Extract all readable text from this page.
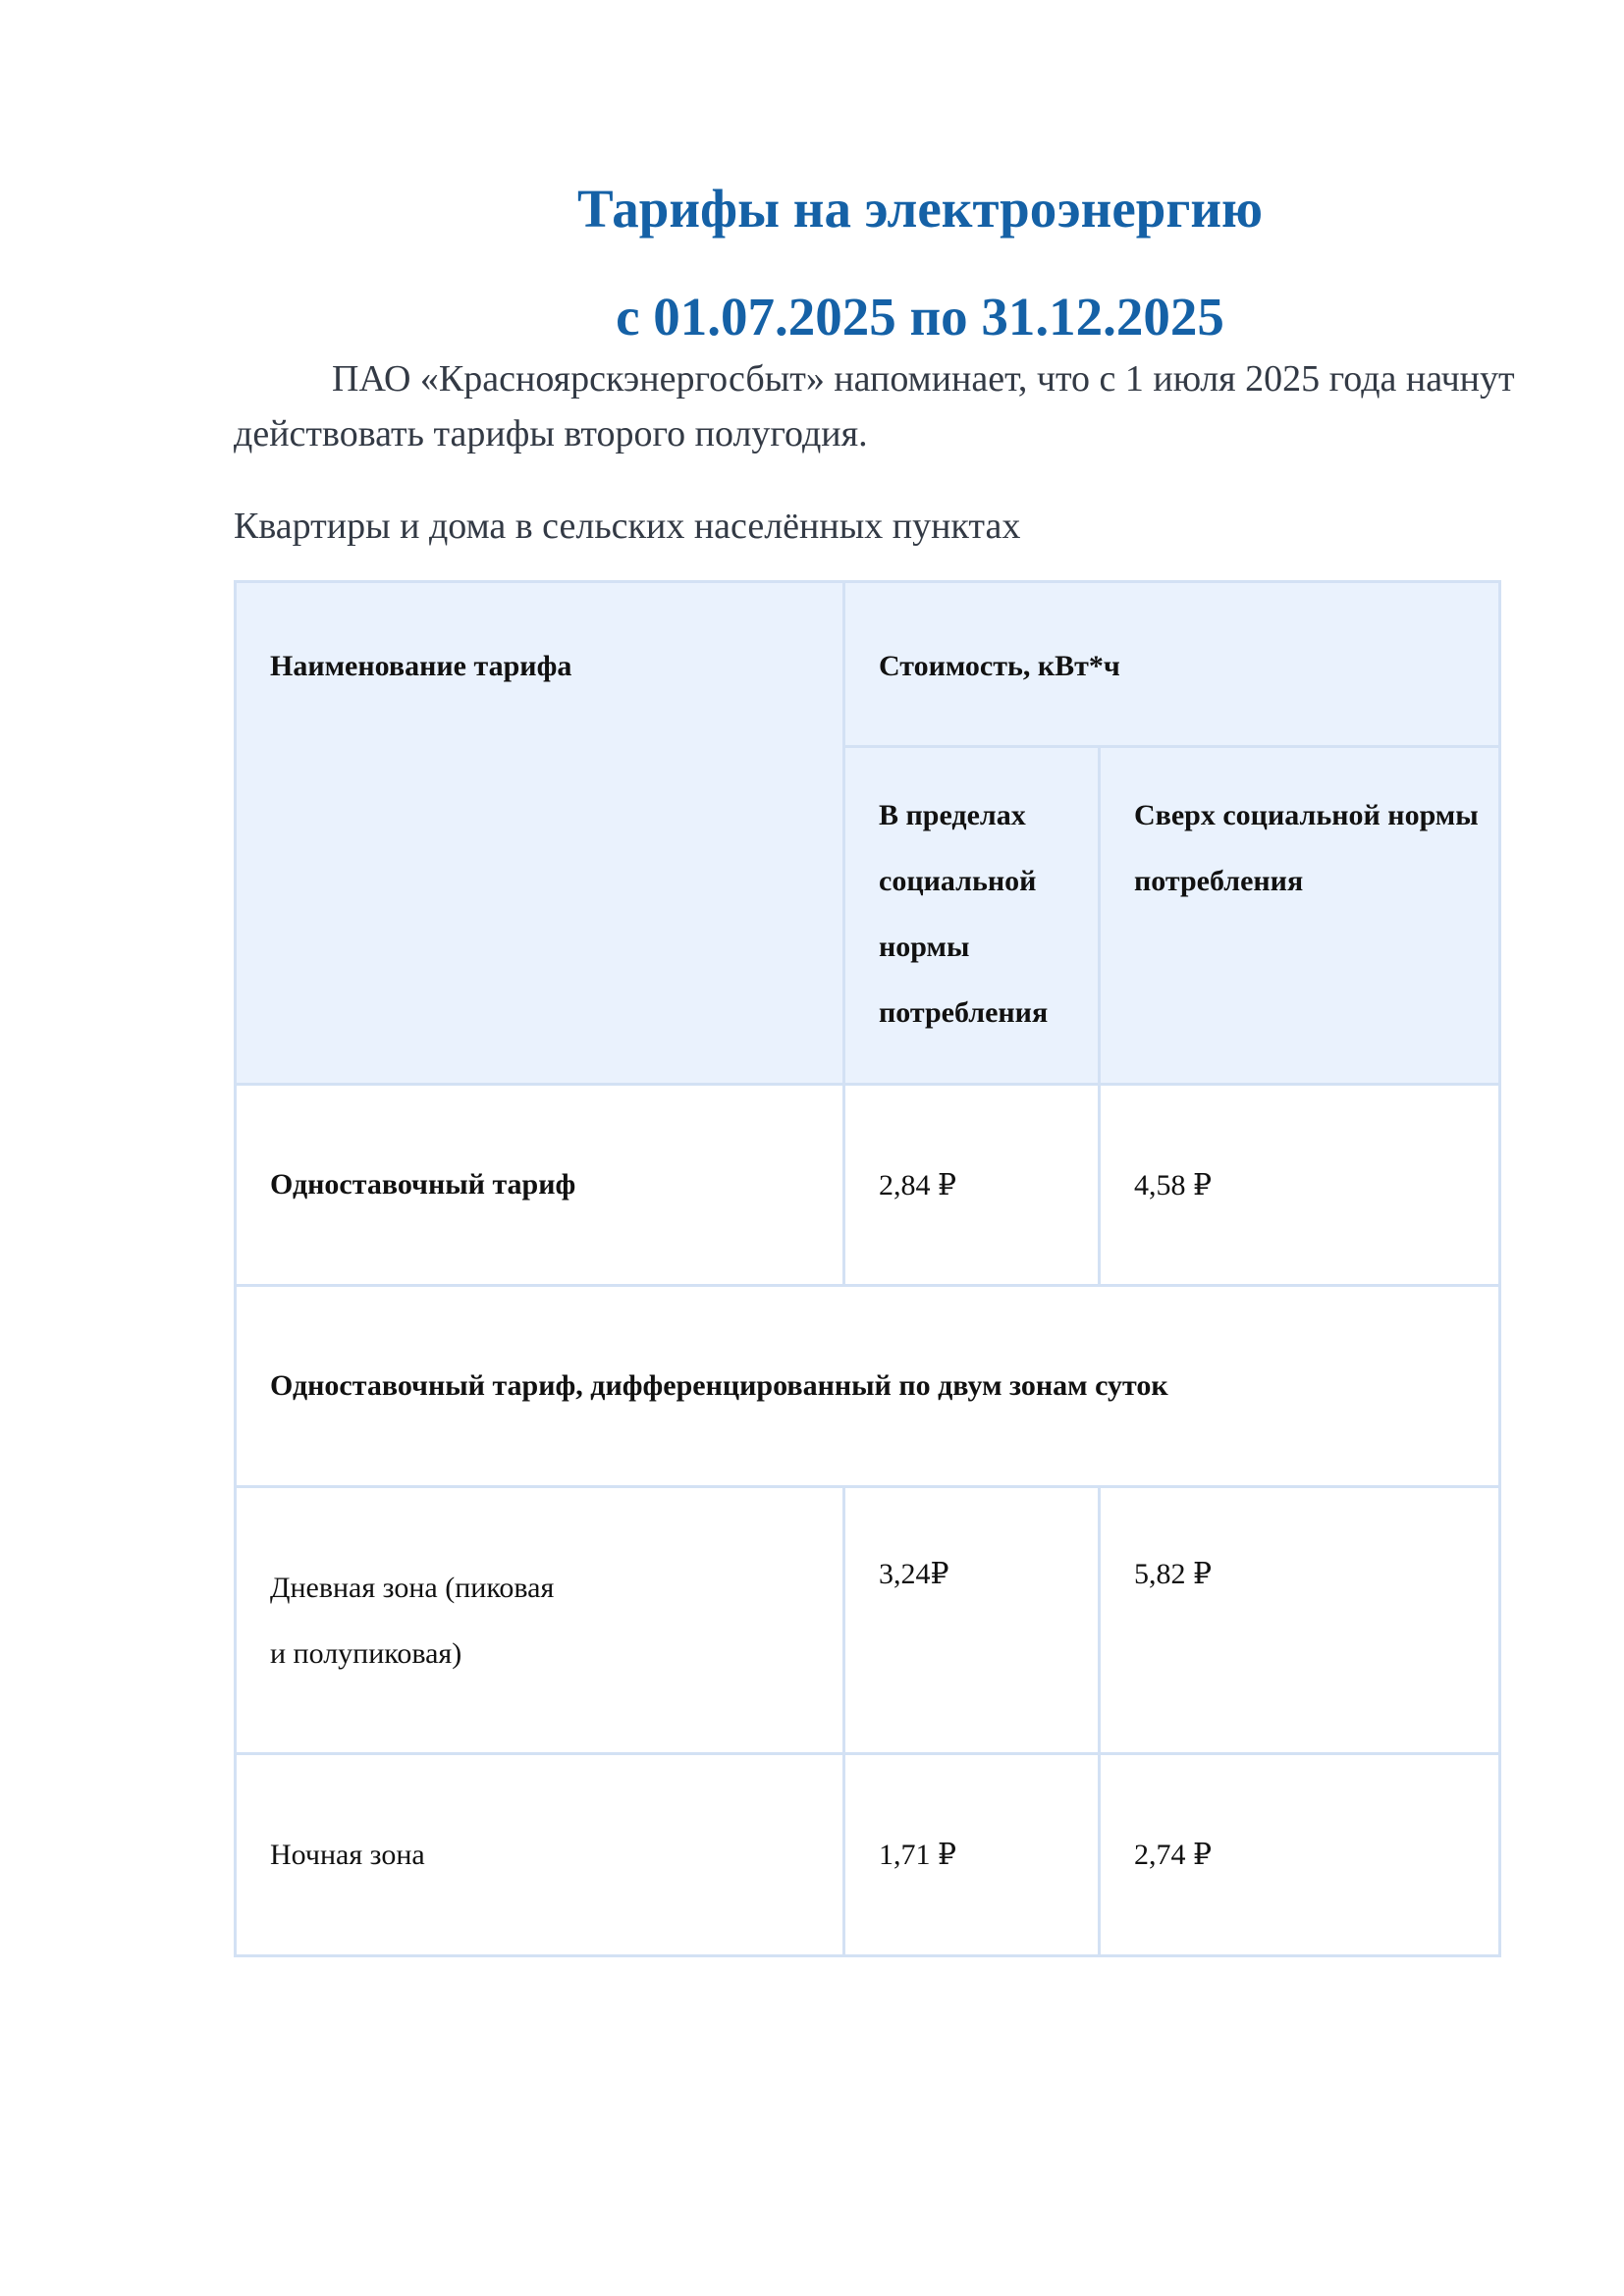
Тарифы на электроэнергию
с 01.07.2025 по 31.12.2025

ПАО «Красноярскэнергосбыт» напоминает, что с 1 июля 2025 года начнут действовать тарифы второго полугодия.

Квартиры и дома в сельских населённых пунктах

Наименование тарифа	Стоимость, кВт*ч	
	В пределах социальной нормы потребления	Сверх социальной нормы потребления
Одноставочный тариф	2,84 ₽	4,58 ₽
Одноставочный тариф, дифференцированный по двум зонам суток		
Дневная зона (пиковая
и полупиковая)	3,24₽	5,82 ₽
Ночная зона	1,71 ₽	2,74 ₽
